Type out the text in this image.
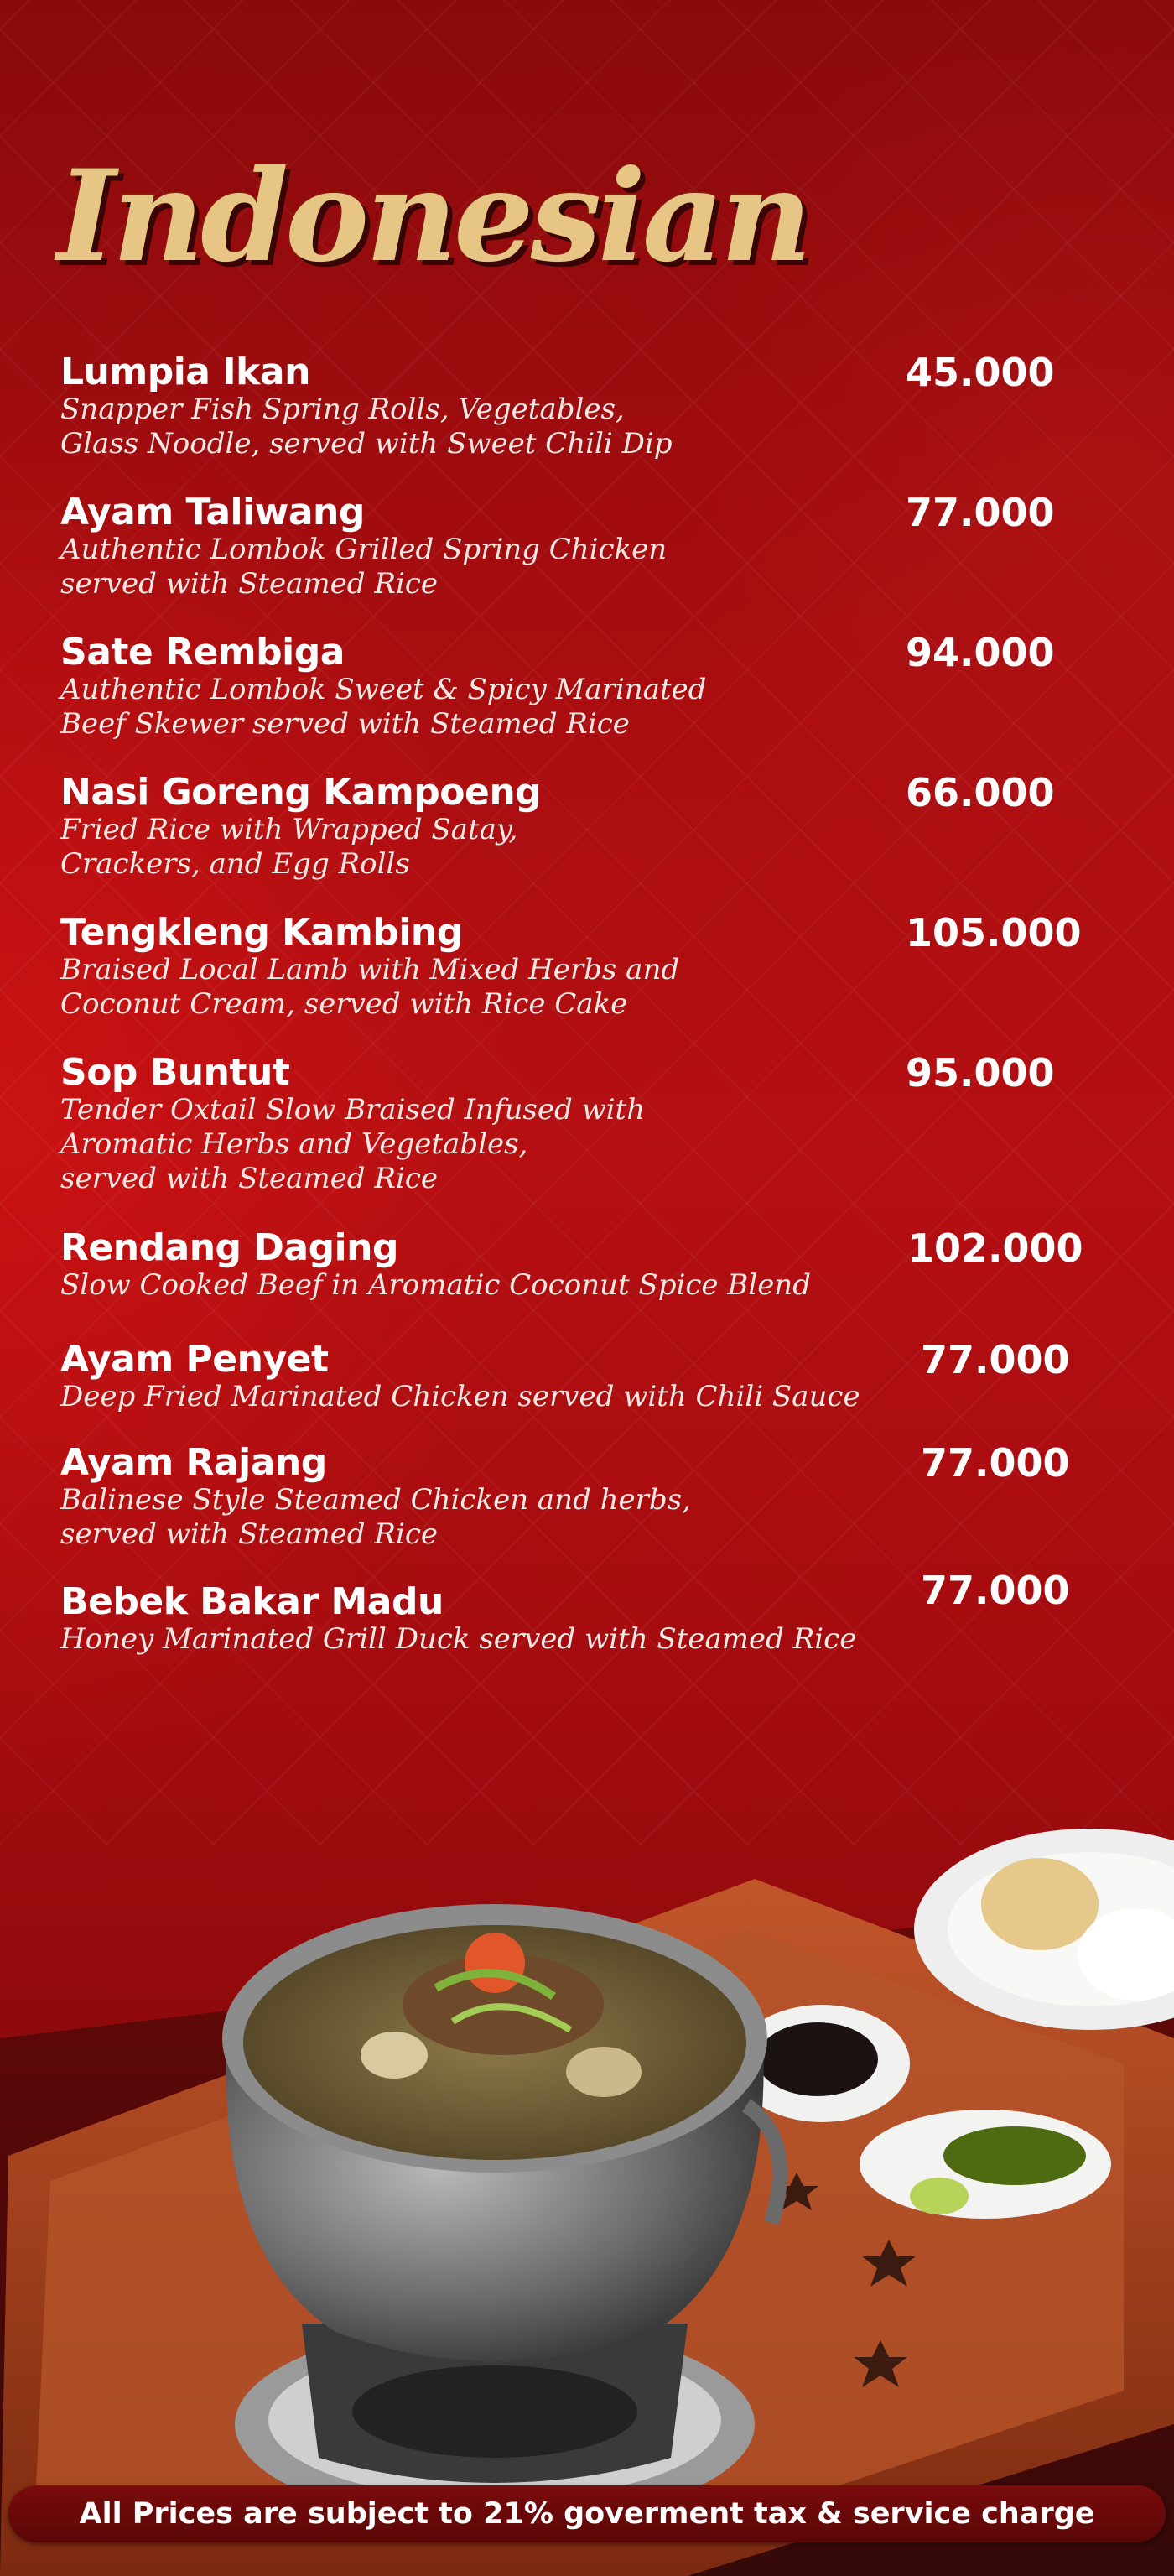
Indonesian
Lumpia Ikan
Snapper Fish Spring Rolls, Vegetables,
Glass Noodle, served with Sweet Chili Dip
45.000
Ayam Taliwang
Authentic Lombok Grilled Spring Chicken
served with Steamed Rice
77.000
Sate Rembiga
Authentic Lombok Sweet & Spicy Marinated
Beef Skewer served with Steamed Rice
94.000
Nasi Goreng Kampoeng
Fried Rice with Wrapped Satay,
Crackers, and Egg Rolls
66.000
Tengkleng Kambing
Braised Local Lamb with Mixed Herbs and
Coconut Cream, served with Rice Cake
105.000
Sop Buntut
Tender Oxtail Slow Braised Infused with
Aromatic Herbs and Vegetables,
served with Steamed Rice
95.000
Rendang Daging
Slow Cooked Beef in Aromatic Coconut Spice Blend
102.000
Ayam Penyet
Deep Fried Marinated Chicken served with Chili Sauce
77.000
Ayam Rajang
Balinese Style Steamed Chicken and herbs,
served with Steamed Rice
77.000
Bebek Bakar Madu
Honey Marinated Grill Duck served with Steamed Rice
77.000
All Prices are subject to 21% goverment tax & service charge
